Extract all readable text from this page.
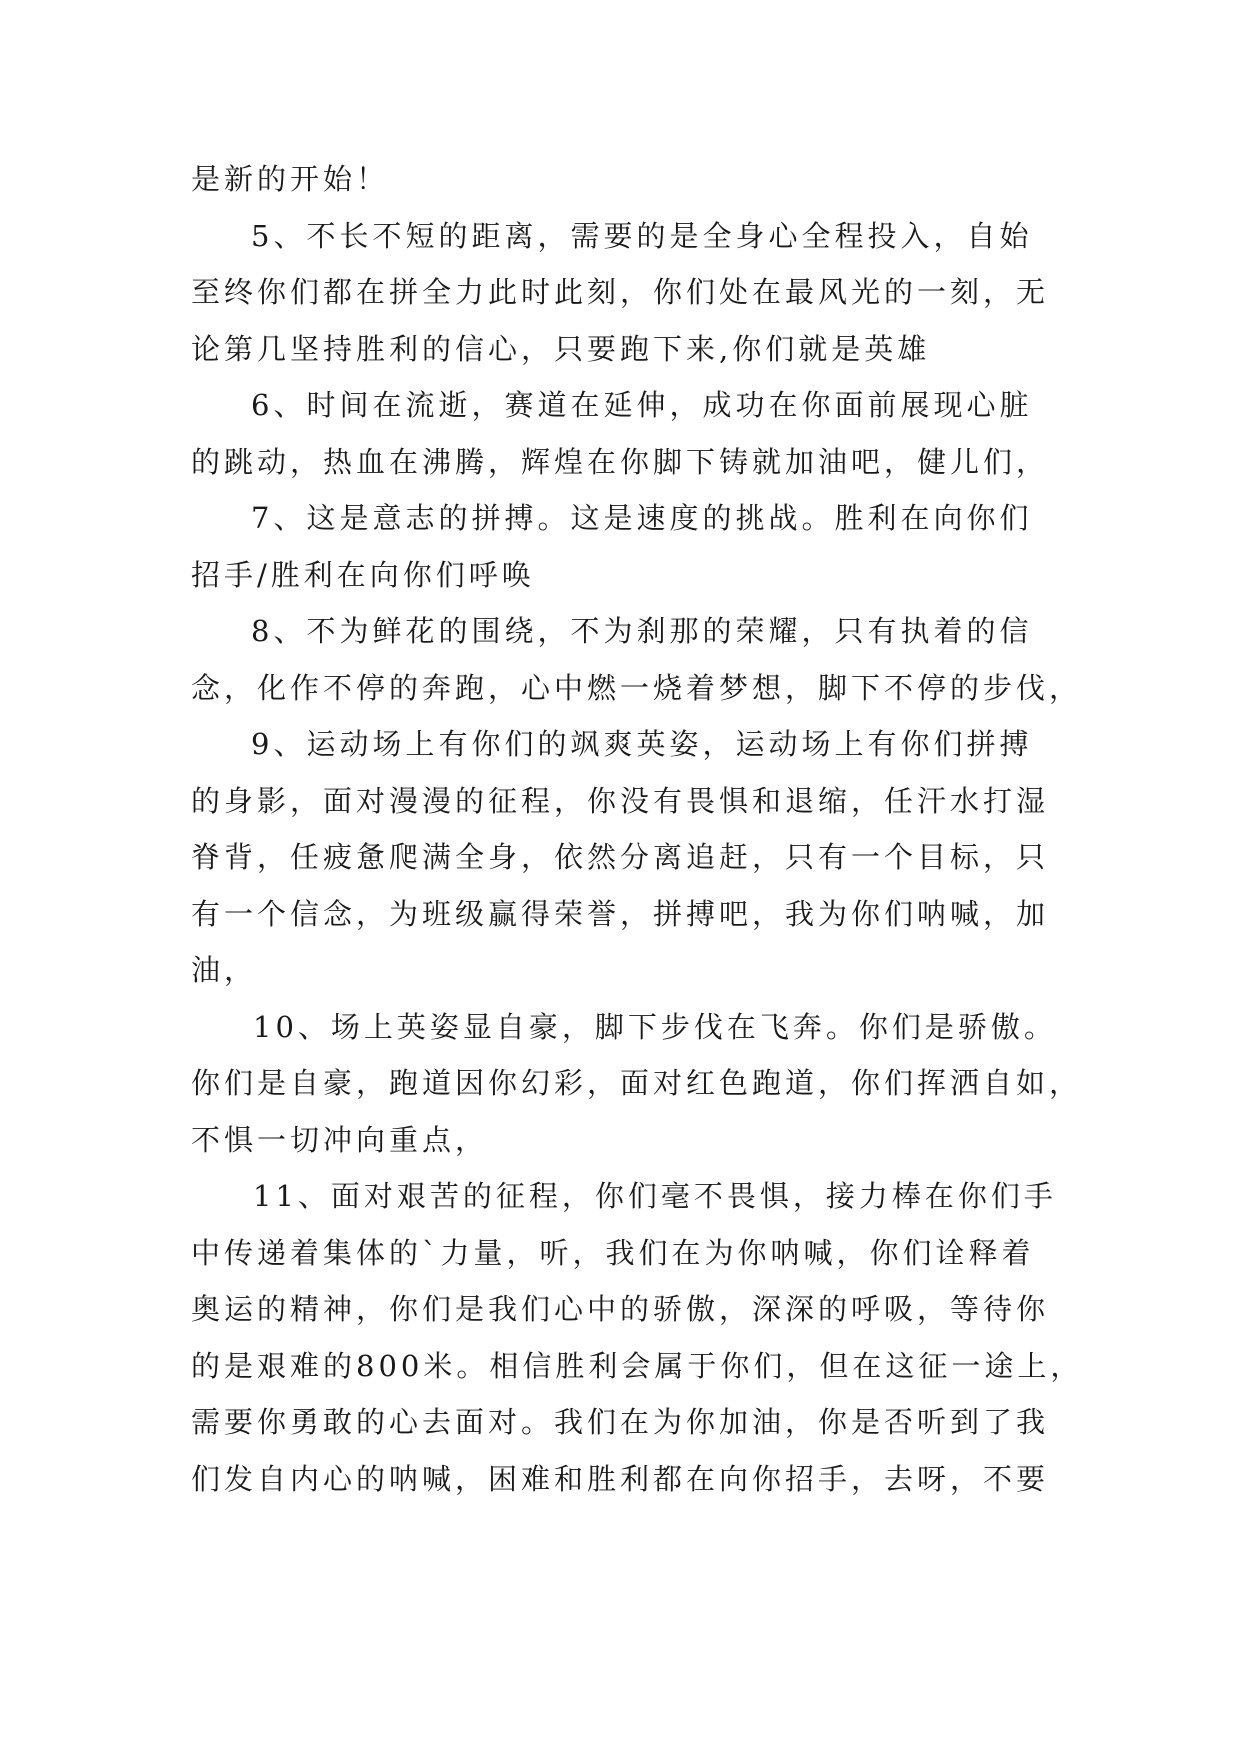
是新的开始！
5、不长不短的距离，需要的是全身心全程投入，自始
至终你们都在拼全力此时此刻，你们处在最风光的一刻，无
论第几坚持胜利的信心，只要跑下来,你们就是英雄
6、时间在流逝，赛道在延伸，成功在你面前展现心脏
的跳动，热血在沸腾，辉煌在你脚下铸就加油吧，健儿们，
7、这是意志的拼搏。这是速度的挑战。胜利在向你们
招手/胜利在向你们呼唤
8、不为鲜花的围绕，不为刹那的荣耀，只有执着的信
念，化作不停的奔跑，心中燃一烧着梦想，脚下不停的步伐，
9、运动场上有你们的飒爽英姿，运动场上有你们拼搏
的身影，面对漫漫的征程，你没有畏惧和退缩，任汗水打湿
脊背，任疲惫爬满全身，依然分离追赶，只有一个目标，只
有一个信念，为班级赢得荣誉，拼搏吧，我为你们呐喊，加
油，
10、场上英姿显自豪，脚下步伐在飞奔。你们是骄傲。
你们是自豪，跑道因你幻彩，面对红色跑道，你们挥洒自如，
不惧一切冲向重点，
11、面对艰苦的征程，你们毫不畏惧，接力棒在你们手
中传递着集体的`力量，听，我们在为你呐喊，你们诠释着
奥运的精神，你们是我们心中的骄傲，深深的呼吸，等待你
的是艰难的800米。相信胜利会属于你们，但在这征一途上，
需要你勇敢的心去面对。我们在为你加油，你是否听到了我
们发自内心的呐喊，困难和胜利都在向你招手，去呀，不要
